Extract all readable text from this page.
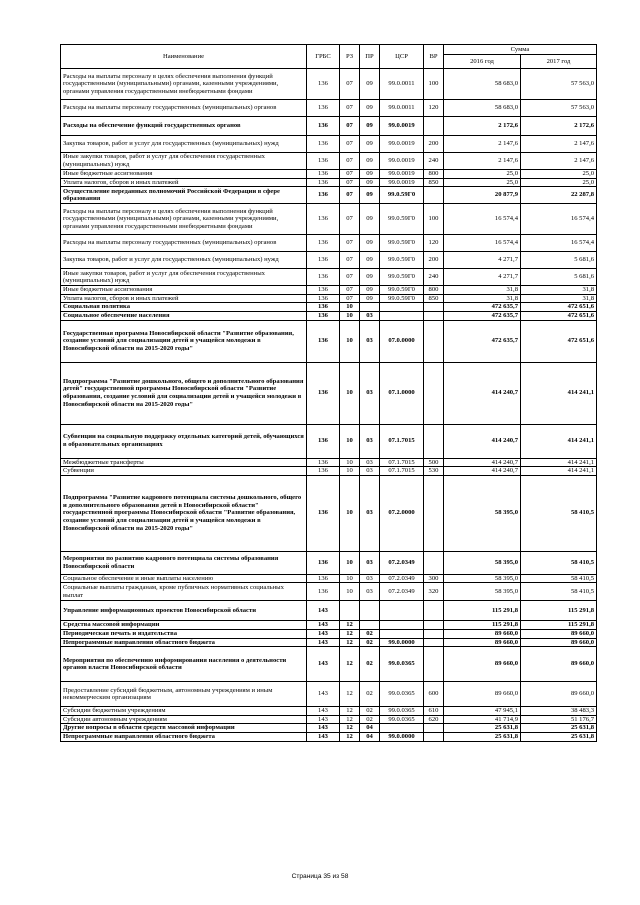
Наименование	ГРБС	РЗ	ПР	ЦСР	ВР	Сумма	
						2016 год	2017 год
Расходы на выплаты персоналу в целях обеспечения выполнения функций государственными (муниципальными) органами, казенными учреждениями, органами управления государственными внебюджетными фондами	136	07	09	99.0.0011	100	58 683,0	57 563,0
Расходы на выплаты персоналу государственных (муниципальных) органов	136	07	09	99.0.0011	120	58 683,0	57 563,0
Расходы на обеспечение функций государственных органов	136	07	09	99.0.0019		2 172,6	2 172,6
Закупка товаров, работ и услуг для государственных (муниципальных) нужд	136	07	09	99.0.0019	200	2 147,6	2 147,6
Иные закупки товаров, работ и услуг для обеспечения государственных (муниципальных) нужд	136	07	09	99.0.0019	240	2 147,6	2 147,6
Иные бюджетные ассигнования	136	07	09	99.0.0019	800	25,0	25,0
Уплата налогов, сборов и иных платежей	136	07	09	99.0.0019	850	25,0	25,0
Осуществление переданных полномочий Российской Федерации в сфере образования	136	07	09	99.0.59Г0		20 877,9	22 287,8
Расходы на выплаты персоналу в целях обеспечения выполнения функций государственными (муниципальными) органами, казенными учреждениями, органами управления государственными внебюджетными фондами	136	07	09	99.0.59Г0	100	16 574,4	16 574,4
Расходы на выплаты персоналу государственных (муниципальных) органов	136	07	09	99.0.59Г0	120	16 574,4	16 574,4
Закупка товаров, работ и услуг для государственных (муниципальных) нужд	136	07	09	99.0.59Г0	200	4 271,7	5 681,6
Иные закупки товаров, работ и услуг для обеспечения государственных (муниципальных) нужд	136	07	09	99.0.59Г0	240	4 271,7	5 681,6
Иные бюджетные ассигнования	136	07	09	99.0.59Г0	800	31,8	31,8
Уплата налогов, сборов и иных платежей	136	07	09	99.0.59Г0	850	31,8	31,8
Социальная политика	136	10				472 635,7	472 651,6
Социальное обеспечение населения	136	10	03			472 635,7	472 651,6
Государственная программа Новосибирской области "Развитие образования, создание условий для социализации детей и учащейся молодежи в Новосибирской области на 2015-2020 годы"	136	10	03	07.0.0000		472 635,7	472 651,6
Подпрограмма "Развитие дошкольного, общего и дополнительного образования детей" государственной программы Новосибирской области "Развитие образования, создание условий для социализации детей и учащейся молодежи в Новосибирской области на 2015-2020 годы"	136	10	03	07.1.0000		414 240,7	414 241,1
Субвенции на социальную поддержку отдельных категорий детей, обучающихся в образовательных организациях	136	10	03	07.1.7015		414 240,7	414 241,1
Межбюджетные трансферты	136	10	03	07.1.7015	500	414 240,7	414 241,1
Субвенции	136	10	03	07.1.7015	530	414 240,7	414 241,1
Подпрограмма "Развитие кадрового потенциала системы дошкольного, общего и дополнительного образования детей в Новосибирской области" государственной программы Новосибирской области "Развитие образования, создание условий для социализации детей и учащейся молодежи в Новосибирской области на 2015-2020 годы"	136	10	03	07.2.0000		58 395,0	58 410,5
Мероприятия по развитию кадрового потенциала системы образования Новосибирской области	136	10	03	07.2.0349		58 395,0	58 410,5
Социальное обеспечение и иные выплаты населению	136	10	03	07.2.0349	300	58 395,0	58 410,5
Социальные выплаты гражданам, кроме публичных нормативных социальных выплат	136	10	03	07.2.0349	320	58 395,0	58 410,5
Управление информационных проектов Новосибирской области	143					115 291,8	115 291,8
Средства массовой информации	143	12				115 291,8	115 291,8
Периодическая печать и издательства	143	12	02			89 660,0	89 660,0
Непрограммные направления областного бюджета	143	12	02	99.0.0000		89 660,0	89 660,0
Мероприятия по обеспечению информирования населения о деятельности органов власти Новосибирской области	143	12	02	99.0.0365		89 660,0	89 660,0
Предоставление субсидий бюджетным, автономным учреждениям и иным некоммерческим организациям	143	12	02	99.0.0365	600	89 660,0	89 660,0
Субсидии бюджетным учреждениям	143	12	02	99.0.0365	610	47 945,1	38 483,3
Субсидии автономным учреждениям	143	12	02	99.0.0365	620	41 714,9	51 176,7
Другие вопросы в области средств массовой информации	143	12	04			25 631,8	25 631,8
Непрограммные направления областного бюджета	143	12	04	99.0.0000		25 631,8	25 631,8
Страница 35 из 58
